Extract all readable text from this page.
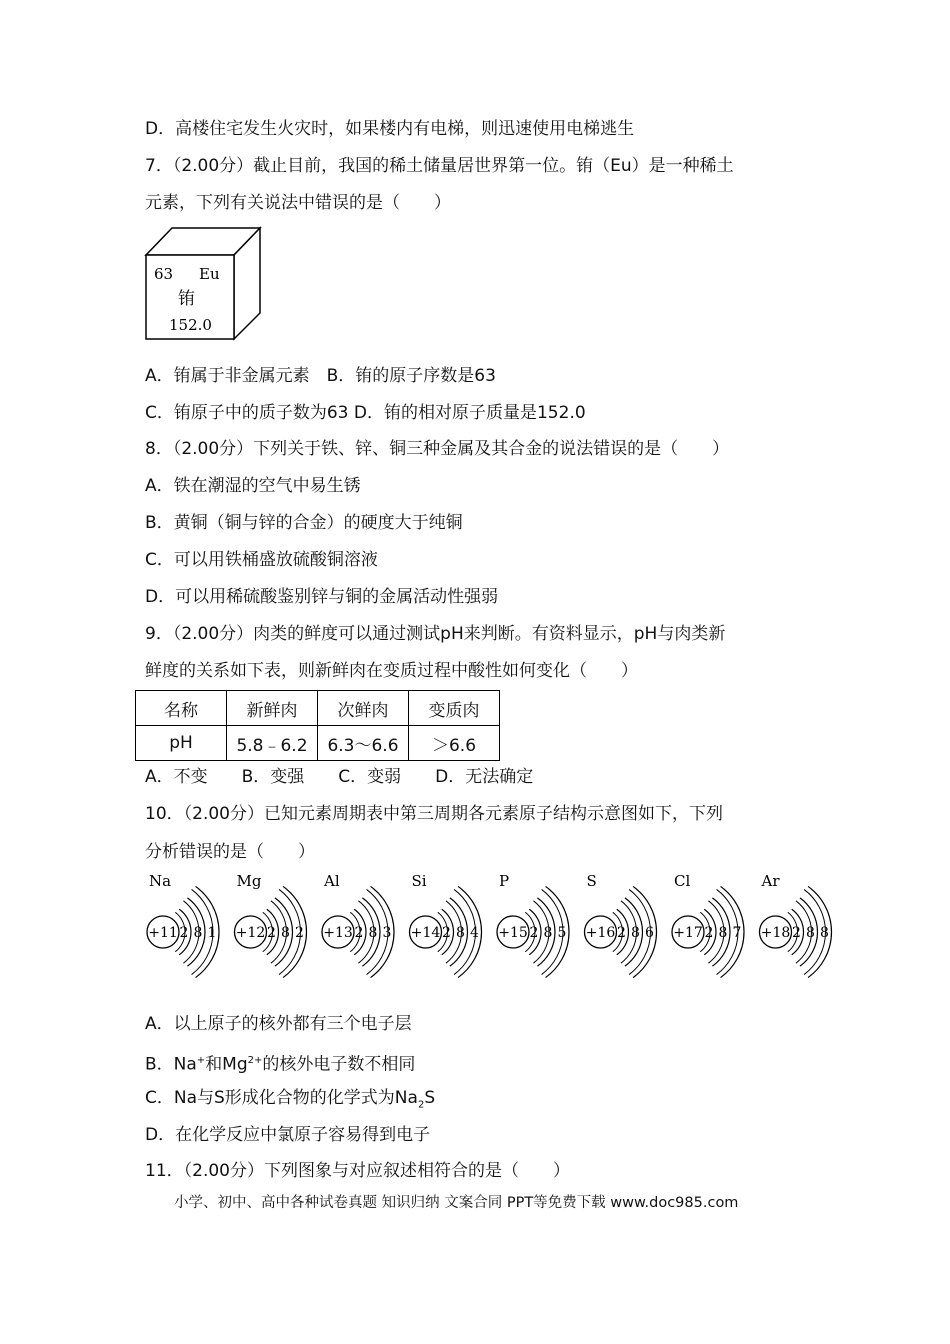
D．高楼住宅发生火灾时，如果楼内有电梯，则迅速使用电梯逃生
7．（2.00分）截止目前，我国的稀土储量居世界第一位。铕（Eu）是一种稀土
元素，下列有关说法中错误的是（　　）
63 Eu
铕
152.0
A．铕属于非金属元素　B．铕的原子序数是63
C．铕原子中的质子数为63 D．铕的相对原子质量是152.0
8．（2.00分）下列关于铁、锌、铜三种金属及其合金的说法错误的是（　　）
A．铁在潮湿的空气中易生锈
B．黄铜（铜与锌的合金）的硬度大于纯铜
C．可以用铁桶盛放硫酸铜溶液
D．可以用稀硫酸鉴别锌与铜的金属活动性强弱
9．（2.00分）肉类的鲜度可以通过测试pH来判断。有资料显示，pH与肉类新
鲜度的关系如下表，则新鲜肉在变质过程中酸性如何变化（　　）
名称	新鲜肉	次鲜肉	变质肉
pH	5.8﹣6.2	6.3～6.6	＞6.6
A．不变　　B．变强　　C．变弱　　D．无法确定
10．（2.00分）已知元素周期表中第三周期各元素原子结构示意图如下，下列
分析错误的是（　　）
Na
+11 2 8 1
Mg
+12 2 8 2
Al
+13 2 8 3
Si
+14 2 8 4
P
+15 2 8 5
S
+16 2 8 6
Cl
+17 2 8 7
Ar
+18 2 8 8
A．以上原子的核外都有三个电子层
B．Na+和$Mg^{2+}$的核外电子数不相同
C．Na与S形成化合物的化学式为$Na_2S$
D．在化学反应中氯原子容易得到电子
11．（2.00分）下列图象与对应叙述相符合的是（　　）
小学、初中、高中各种试卷真题 知识归纳 文案合同 PPT等免费下载 www.doc985.com
